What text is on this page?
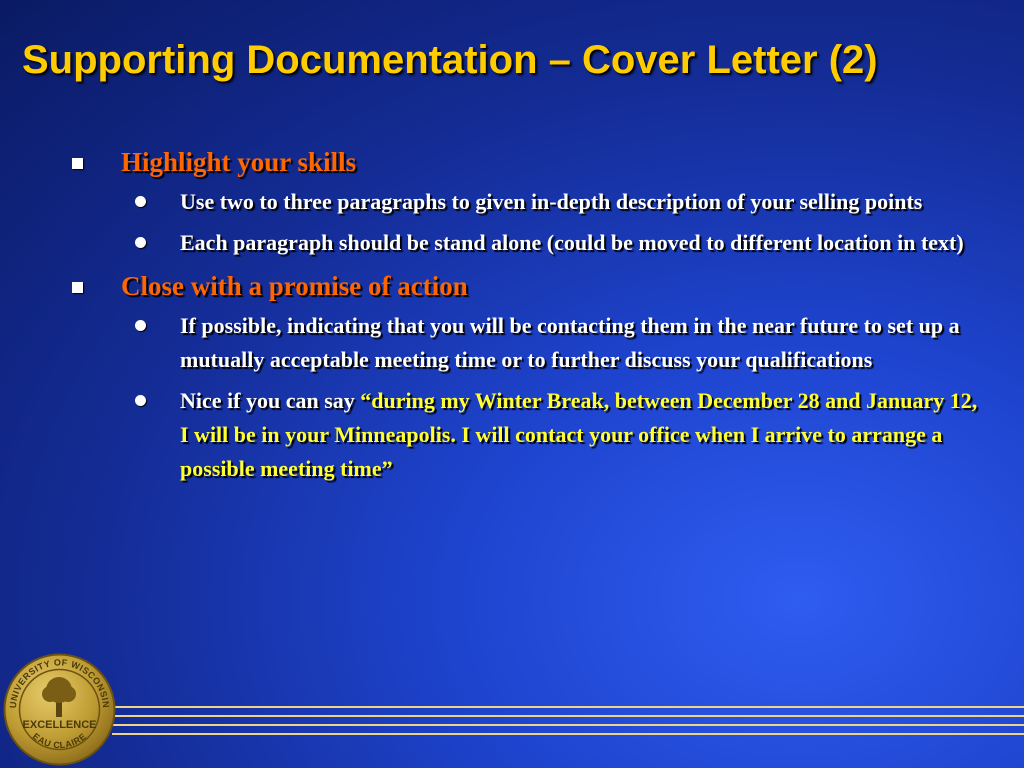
Supporting Documentation – Cover Letter (2)
Highlight your skills
Use two to three paragraphs to given in-depth description of your selling points
Each paragraph should be stand alone (could be moved to different location in text)
Close with a promise of action
If possible, indicating that you will be contacting them in the near future to set up a mutually acceptable meeting time or to further discuss your qualifications
Nice if you can say “during my Winter Break, between December 28 and January 12, I will be in your Minneapolis. I will contact your office when I arrive to arrange a possible meeting time”
UNIVERSITY OF WISCONSIN
EAU CLAIRE
EXCELLENCE
